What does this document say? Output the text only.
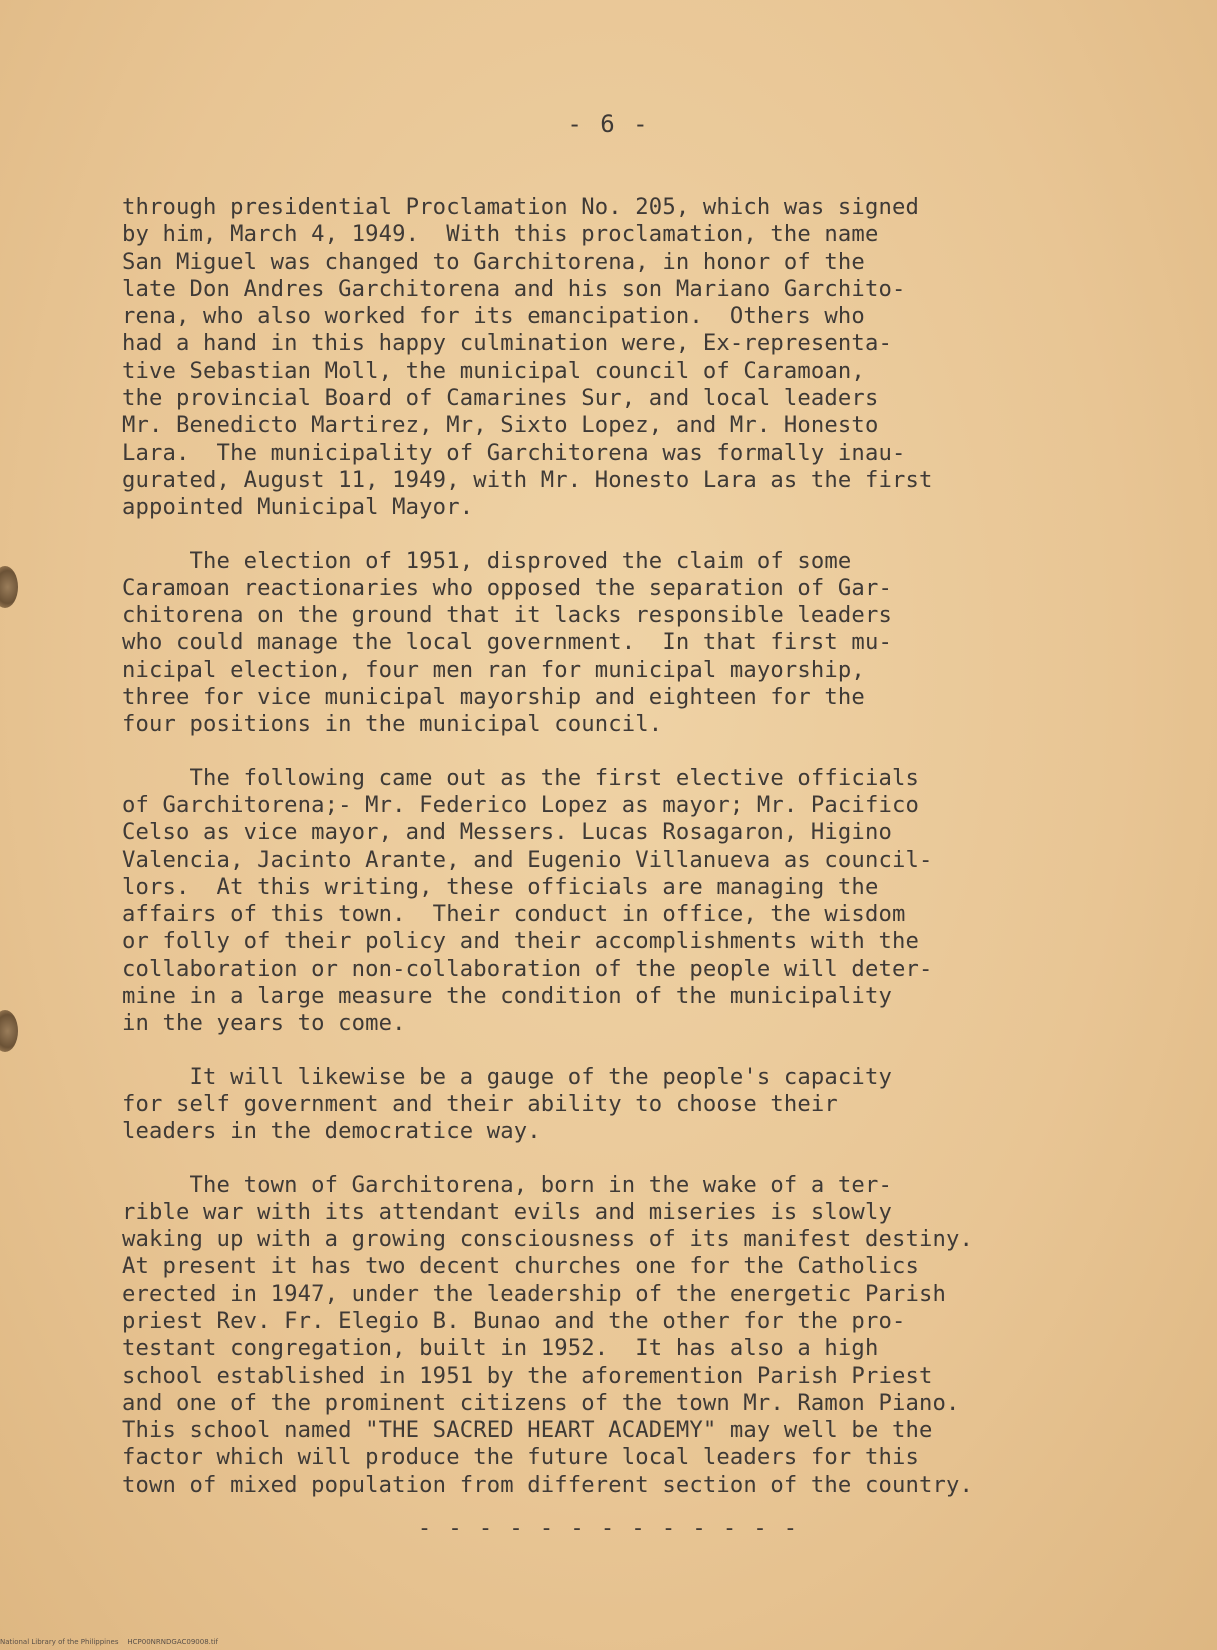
- 6 -
through presidential Proclamation No. 205, which was signed
by him, March 4, 1949.  With this proclamation, the name
San Miguel was changed to Garchitorena, in honor of the
late Don Andres Garchitorena and his son Mariano Garchito-
rena, who also worked for its emancipation.  Others who
had a hand in this happy culmination were, Ex-representa-
tive Sebastian Moll, the municipal council of Caramoan,
the provincial Board of Camarines Sur, and local leaders
Mr. Benedicto Martirez, Mr, Sixto Lopez, and Mr. Honesto
Lara.  The municipality of Garchitorena was formally inau-
gurated, August 11, 1949, with Mr. Honesto Lara as the first
appointed Municipal Mayor.
The election of 1951, disproved the claim of some
Caramoan reactionaries who opposed the separation of Gar-
chitorena on the ground that it lacks responsible leaders
who could manage the local government.  In that first mu-
nicipal election, four men ran for municipal mayorship,
three for vice municipal mayorship and eighteen for the
four positions in the municipal council.
The following came out as the first elective officials
of Garchitorena;- Mr. Federico Lopez as mayor; Mr. Pacifico
Celso as vice mayor, and Messers. Lucas Rosagaron, Higino
Valencia, Jacinto Arante, and Eugenio Villanueva as council-
lors.  At this writing, these officials are managing the
affairs of this town.  Their conduct in office, the wisdom
or folly of their policy and their accomplishments with the
collaboration or non-collaboration of the people will deter-
mine in a large measure the condition of the municipality
in the years to come.
It will likewise be a gauge of the people's capacity
for self government and their ability to choose their
leaders in the democratice way.
The town of Garchitorena, born in the wake of a ter-
rible war with its attendant evils and miseries is slowly
waking up with a growing consciousness of its manifest destiny.
At present it has two decent churches one for the Catholics
erected in 1947, under the leadership of the energetic Parish
priest Rev. Fr. Elegio B. Bunao and the other for the pro-
testant congregation, built in 1952.  It has also a high
school established in 1951 by the aforemention Parish Priest
and one of the prominent citizens of the town Mr. Ramon Piano.
This school named "THE SACRED HEART ACADEMY" may well be the
factor which will produce the future local leaders for this
town of mixed population from different section of the country.
- - - - - - - - - - - - -
National Library of the Philippines    HCP00NRNDGAC09008.tif
